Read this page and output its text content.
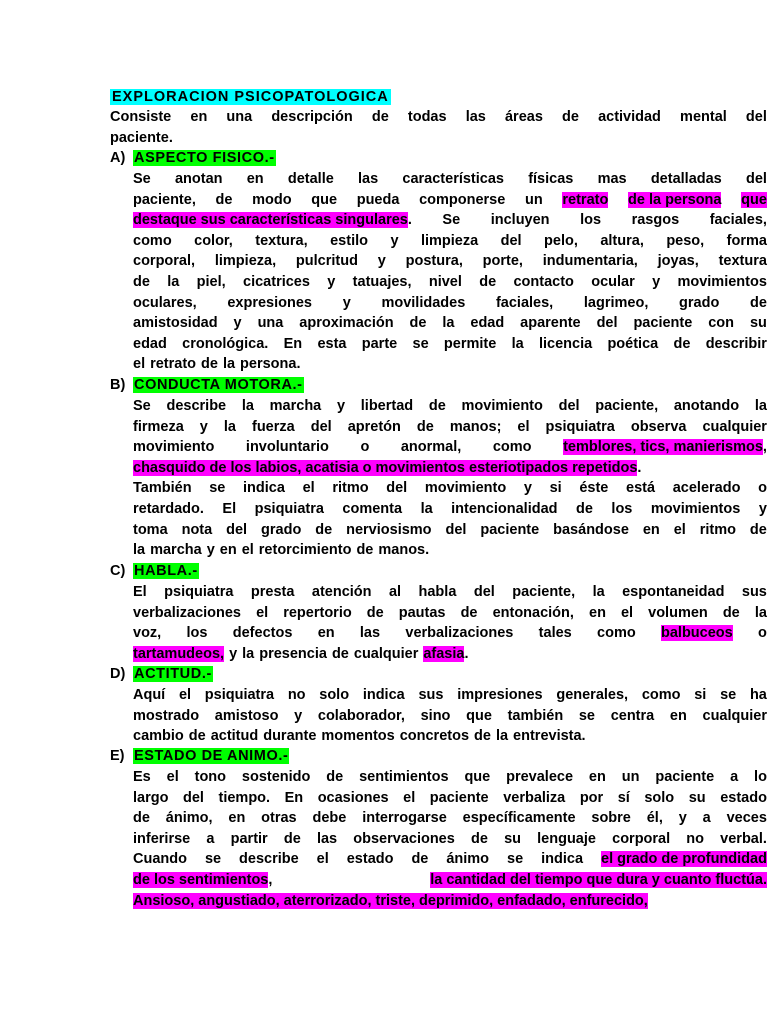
EXPLORACION PSICOPATOLOGICA
Consiste en una descripción de todas las áreas de actividad mental del
paciente.
A) ASPECTO FISICO.-
Se anotan en detalle las características físicas mas detalladas del
paciente, de modo que pueda componerse un retrato de la persona que
destaque sus características singulares. Se incluyen los rasgos faciales,
como color, textura, estilo y limpieza del pelo, altura, peso, forma
corporal, limpieza, pulcritud y postura, porte, indumentaria, joyas, textura
de la piel, cicatrices y tatuajes, nivel de contacto ocular y movimientos
oculares, expresiones y movilidades faciales, lagrimeo, grado de
amistosidad y una aproximación de la edad aparente del paciente con su
edad cronológica. En esta parte se permite la licencia poética de describir
el retrato de la persona.
B) CONDUCTA MOTORA.-
Se describe la marcha y libertad de movimiento del paciente, anotando la
firmeza y la fuerza del apretón de manos; el psiquiatra observa cualquier
movimiento involuntario o anormal, como temblores, tics, manierismos,
chasquido de los labios, acatisia o movimientos esteriotipados repetidos.
También se indica el ritmo del movimiento y si éste está acelerado o
retardado. El psiquiatra comenta la intencionalidad de los movimientos y
toma nota del grado de nerviosismo del paciente basándose en el ritmo de
la marcha y en el retorcimiento de manos.
C) HABLA.-
El psiquiatra presta atención al habla del paciente, la espontaneidad sus
verbalizaciones el repertorio de pautas de entonación, en el volumen de la
voz, los defectos en las verbalizaciones tales como balbuceos o
tartamudeos, y la presencia de cualquier afasia.
D) ACTITUD.-
Aquí el psiquiatra no solo indica sus impresiones generales, como si se ha
mostrado amistoso y colaborador, sino que también se centra en cualquier
cambio de actitud durante momentos concretos de la entrevista.
E) ESTADO DE ANIMO.-
Es el tono sostenido de sentimientos que prevalece en un paciente a lo
largo del tiempo. En ocasiones el paciente verbaliza por sí solo su estado
de ánimo, en otras debe interrogarse específicamente sobre él, y a veces
inferirse a partir de las observaciones de su lenguaje corporal no verbal.
Cuando se describe el estado de ánimo se indica el grado de profundidad
de los sentimientos,	la cantidad del tiempo que dura y cuanto fluctúa.
Ansioso, angustiado, aterrorizado, triste, deprimido, enfadado, enfurecido,
